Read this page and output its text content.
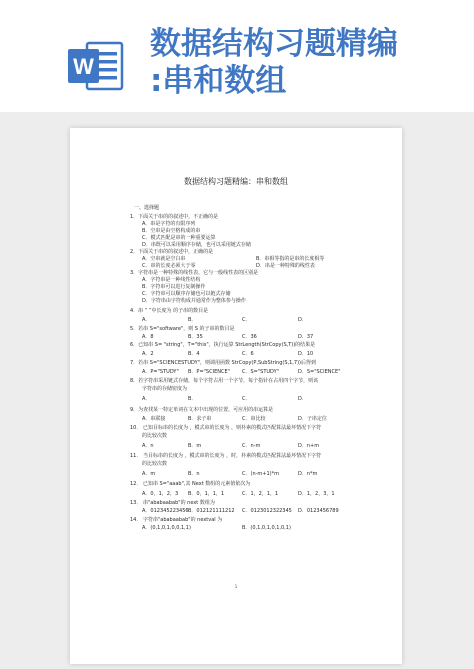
W
数据结构习题精编
:串和数组
数据结构习题精编：串和数组
一、选择题
1．下面关于串的的叙述中，不正确的是
A．串是字符的有限序列
B．空串是由空格构成的串
C．模式匹配是串的一种重要运算
D．串既可以采用顺序存储，也可以采用链式存储
2．下面关于串的的叙述中，正确的是
A．空串就是空白串	B．串相等指的是串的长度相等
C．串的长度必须大于零	D．串是一种特殊的线性表
3．字符串是一种特殊的线性表，它与一般线性表的区别是
A．字符串是一种线性结构
B．字符串可以进行复制操作
C．字符串可以顺序存储也可以链式存储
D．字符串由字符构成并通常作为整体参与操作
4．串 “ ”中长度为 的子串的数目是
A．	B．	C．	D．
5．若串 S="software"，则 S 的子串的数目是
A．8	B．35	C．36	D．37
6．已知串 S= "string"，T="this"，执行运算 StrLength(StrCopy(S,T))的结果是
A．2	B．4	C．6	D．10
7．若串 S="SCIENCESTUDY"，则调用函数 StrCopy(P,SubString(S,1,7))后得到
A．P="STUDY" B．P="SCIENCE" C．S="STUDY"	D．S="SCIENCE"
8．若字符串采用链式存储，每个字符占用一个字节，每个指针在占用四个字节，则该
字符串的存储密度为
A．	B．	C．	D．
9．为查找某一特定单词在文本中出现的位置，可应用的串运算是
A．串联接	B．求子串	C．串比较	D．子串定位
10． 已知目标串的长度为 ，模式串的长度为 ，则朴素的模式匹配算法最坏情况下字符
的比较次数
A．n	B．m	C．n-m	D．n+m
11． 当目标串的长度为 ，模式串的长度为 ，时，朴素的模式匹配算法最坏情况下字符
的比较次数
A．m	B．n	C．(n-m+1)*m	D．n*m
12． 已知串 S="aaab",其 Next 数组的元素值依次为
A．0，1，2，3 B．0，1，1，1	C．1，2，1，1	D．1，2，3，1
13． 串"ababaabab"的 next 数组为
A．012345223456 B．012121111212 C．0123012322345 D．0123456789
14． 字符串"ababaabab"的 nextval 为
A．(0,1,0,1,0,0,1,1)	B．(0,1,0,1,0,1,0,1)
1
